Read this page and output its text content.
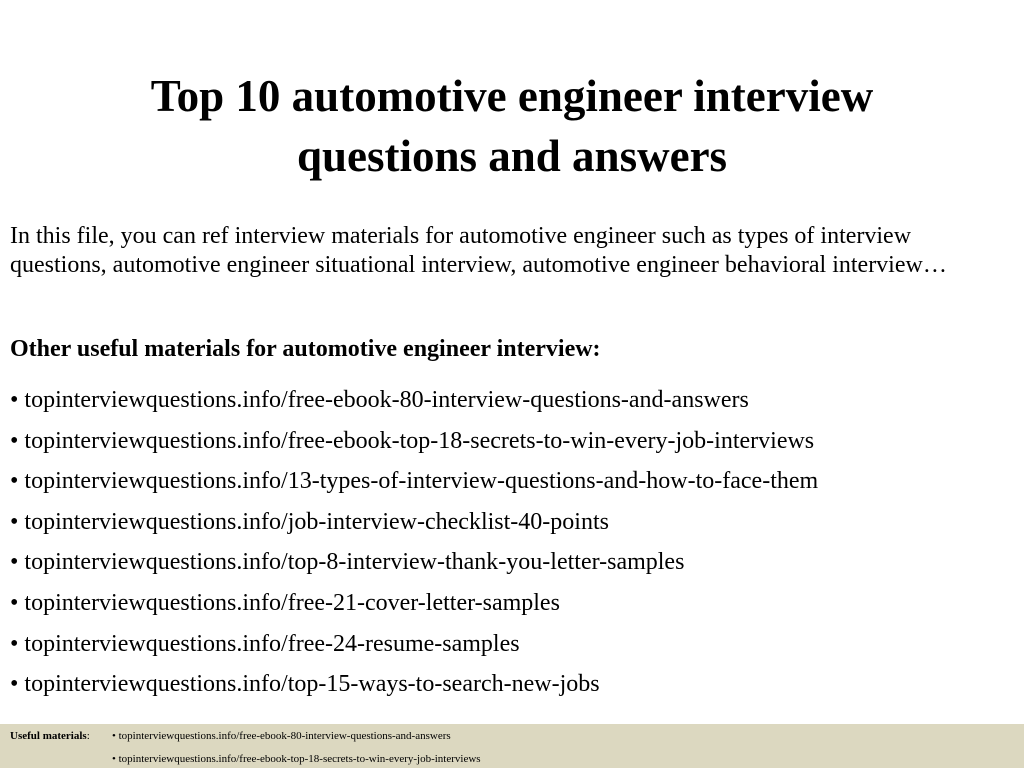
Top 10 automotive engineer interview
questions and answers

In this file, you can ref interview materials for automotive engineer such as types of interview questions, automotive engineer situational interview, automotive engineer behavioral interview…

Other useful materials for automotive engineer interview:

• topinterviewquestions.info/free-ebook-80-interview-questions-and-answers
• topinterviewquestions.info/free-ebook-top-18-secrets-to-win-every-job-interviews
• topinterviewquestions.info/13-types-of-interview-questions-and-how-to-face-them
• topinterviewquestions.info/job-interview-checklist-40-points
• topinterviewquestions.info/top-8-interview-thank-you-letter-samples
• topinterviewquestions.info/free-21-cover-letter-samples
• topinterviewquestions.info/free-24-resume-samples
• topinterviewquestions.info/top-15-ways-to-search-new-jobs
Useful materials: • topinterviewquestions.info/free-ebook-80-interview-questions-and-answers
• topinterviewquestions.info/free-ebook-top-18-secrets-to-win-every-job-interviews
